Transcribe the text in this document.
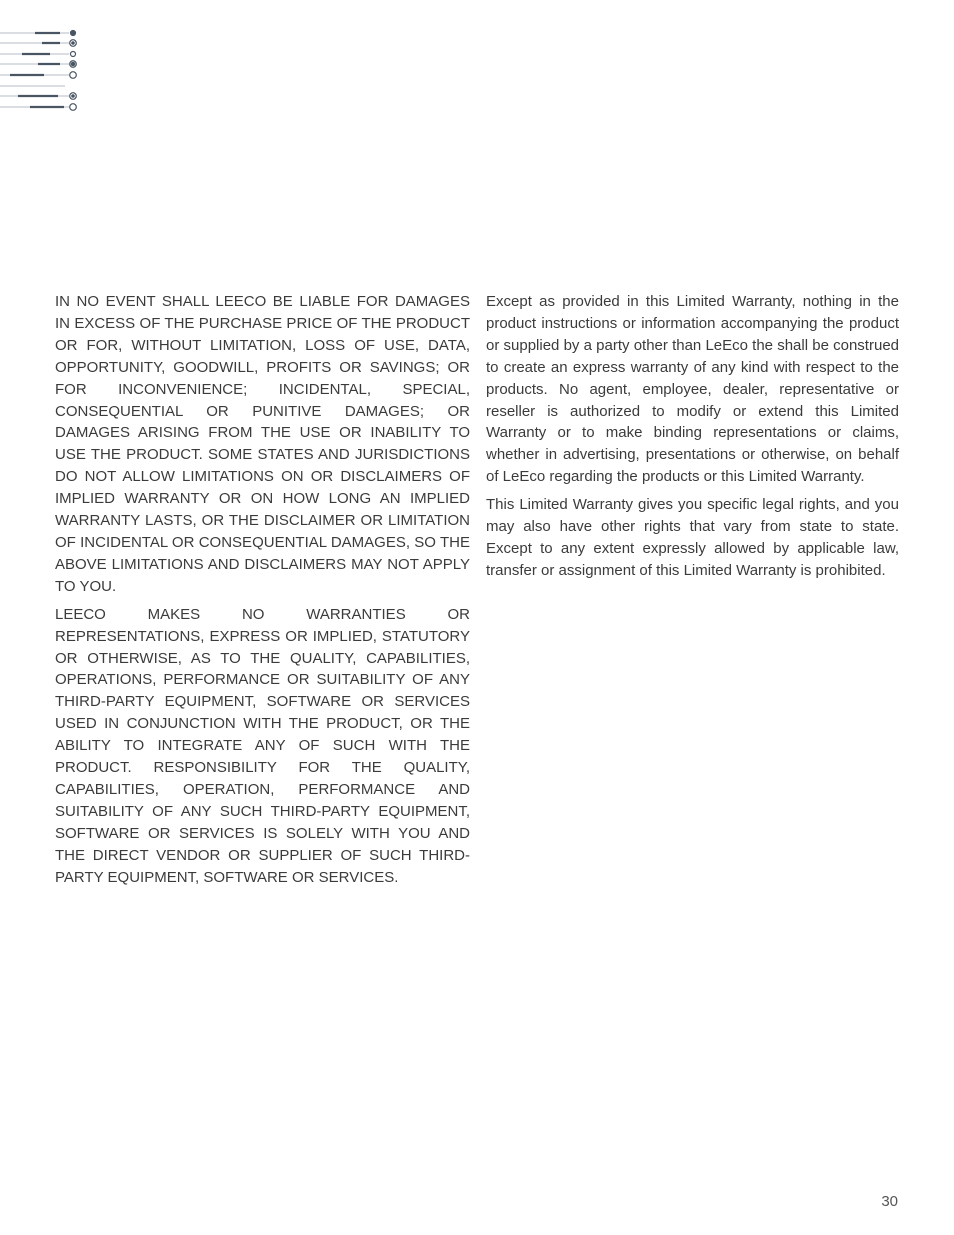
IN NO EVENT SHALL LEECO BE LIABLE FOR DAMAGES IN EXCESS OF THE PURCHASE PRICE OF THE PRODUCT OR FOR, WITHOUT LIMITATION, LOSS OF USE, DATA, OPPORTUNITY, GOODWILL, PROFITS OR SAVINGS; OR FOR INCONVENIENCE; INCIDENTAL, SPECIAL, CONSEQUENTIAL OR PUNITIVE DAMAGES; OR DAMAGES ARISING FROM THE USE OR INABILITY TO USE THE PRODUCT. SOME STATES AND JURISDICTIONS DO NOT ALLOW LIMITATIONS ON OR DISCLAIMERS OF IMPLIED WARRANTY OR ON HOW LONG AN IMPLIED WARRANTY LASTS, OR THE DISCLAIMER OR LIMITATION OF INCIDENTAL OR CONSEQUENTIAL DAMAGES, SO THE ABOVE LIMITATIONS AND DISCLAIMERS MAY NOT APPLY TO YOU.

LEECO MAKES NO WARRANTIES OR REPRESENTATIONS, EXPRESS OR IMPLIED, STATUTORY OR OTHERWISE, AS TO THE QUALITY, CAPABILITIES, OPERATIONS, PERFORMANCE OR SUITABILITY OF ANY THIRD-PARTY EQUIPMENT, SOFTWARE OR SERVICES USED IN CONJUNCTION WITH THE PRODUCT, OR THE ABILITY TO INTEGRATE ANY OF SUCH WITH THE PRODUCT. RESPONSIBILITY FOR THE QUALITY, CAPABILITIES, OPERATION, PERFORMANCE AND SUITABILITY OF ANY SUCH THIRD-PARTY EQUIPMENT, SOFTWARE OR SERVICES IS SOLELY WITH YOU AND THE DIRECT VENDOR OR SUPPLIER OF SUCH THIRD-PARTY EQUIPMENT, SOFTWARE OR SERVICES.

Except as provided in this Limited Warranty, nothing in the product instructions or information accompanying the product or supplied by a party other than LeEco the shall be construed to create an express warranty of any kind with respect to the products. No agent, employee, dealer, representative or reseller is authorized to modify or extend this Limited Warranty or to make binding representations or claims, whether in advertising, presentations or otherwise, on behalf of LeEco regarding the products or this Limited Warranty.

This Limited Warranty gives you specific legal rights, and you may also have other rights that vary from state to state. Except to any extent expressly allowed by applicable law, transfer or assignment of this Limited Warranty is prohibited.

30
